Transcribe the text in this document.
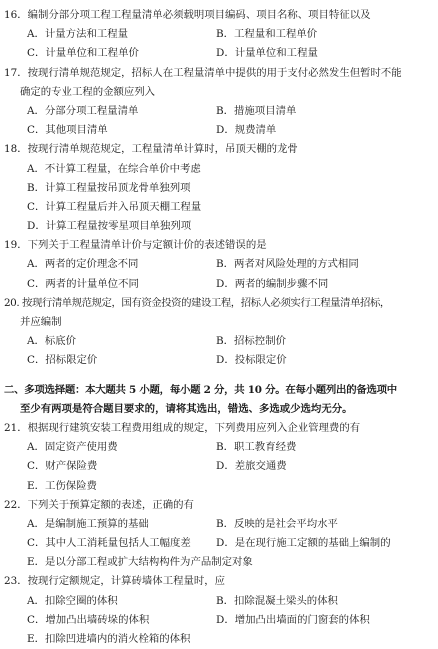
16．编制分部分项工程工程量清单必须载明项目编码、项目名称、项目特征以及
A．计量方法和工程量	B．工程量和工程单价
C．计量单位和工程单价	D．计量单位和工程量
17．按现行清单规范规定，招标人在工程量清单中提供的用于支付必然发生但暂时不能
确定的专业工程的金额应列入
A．分部分项工程量清单	B．措施项目清单
C．其他项目清单	D．规费清单
18．按现行清单规范规定，工程量清单计算时，吊顶天棚的龙骨
A．不计算工程量，在综合单价中考虑
B．计算工程量按吊顶龙骨单独列项
C．计算工程量后并入吊顶天棚工程量
D．计算工程量按零星项目单独列项
19．下列关于工程量清单计价与定额计价的表述错误的是
A．两者的定价理念不同	B．两者对风险处理的方式相同
C．两者的计量单位不同	D．两者的编制步骤不同
20. 按现行清单规范规定，国有资金投资的建设工程，招标人必须实行工程量清单招标，
并应编制
A．标底价	B．招标控制价
C．招标限定价	D．投标限定价
二、多项选择题：本大题共 5 小题，每小题 2 分，共 10 分。在每小题列出的备选项中
至少有两项是符合题目要求的，请将其选出，错选、多选或少选均无分。
21．根据现行建筑安装工程费用组成的规定，下列费用应列入企业管理费的有
A．固定资产使用费	B．职工教育经费
C．财产保险费	D．差旅交通费
E．工伤保险费
22．下列关于预算定额的表述，正确的有
A．是编制施工预算的基础	B．反映的是社会平均水平
C．其中人工消耗量包括人工幅度差 D．是在现行施工定额的基础上编制的
E．是以分部工程或扩大结构构件为产品制定对象
23．按现行定额规定，计算砖墙体工程量时，应
A．扣除空圈的体积	B．扣除混凝土梁头的体积
C．增加凸出墙砖垛的体积	D．增加凸出墙面的门窗套的体积
E．扣除凹进墙内的消火栓箱的体积
